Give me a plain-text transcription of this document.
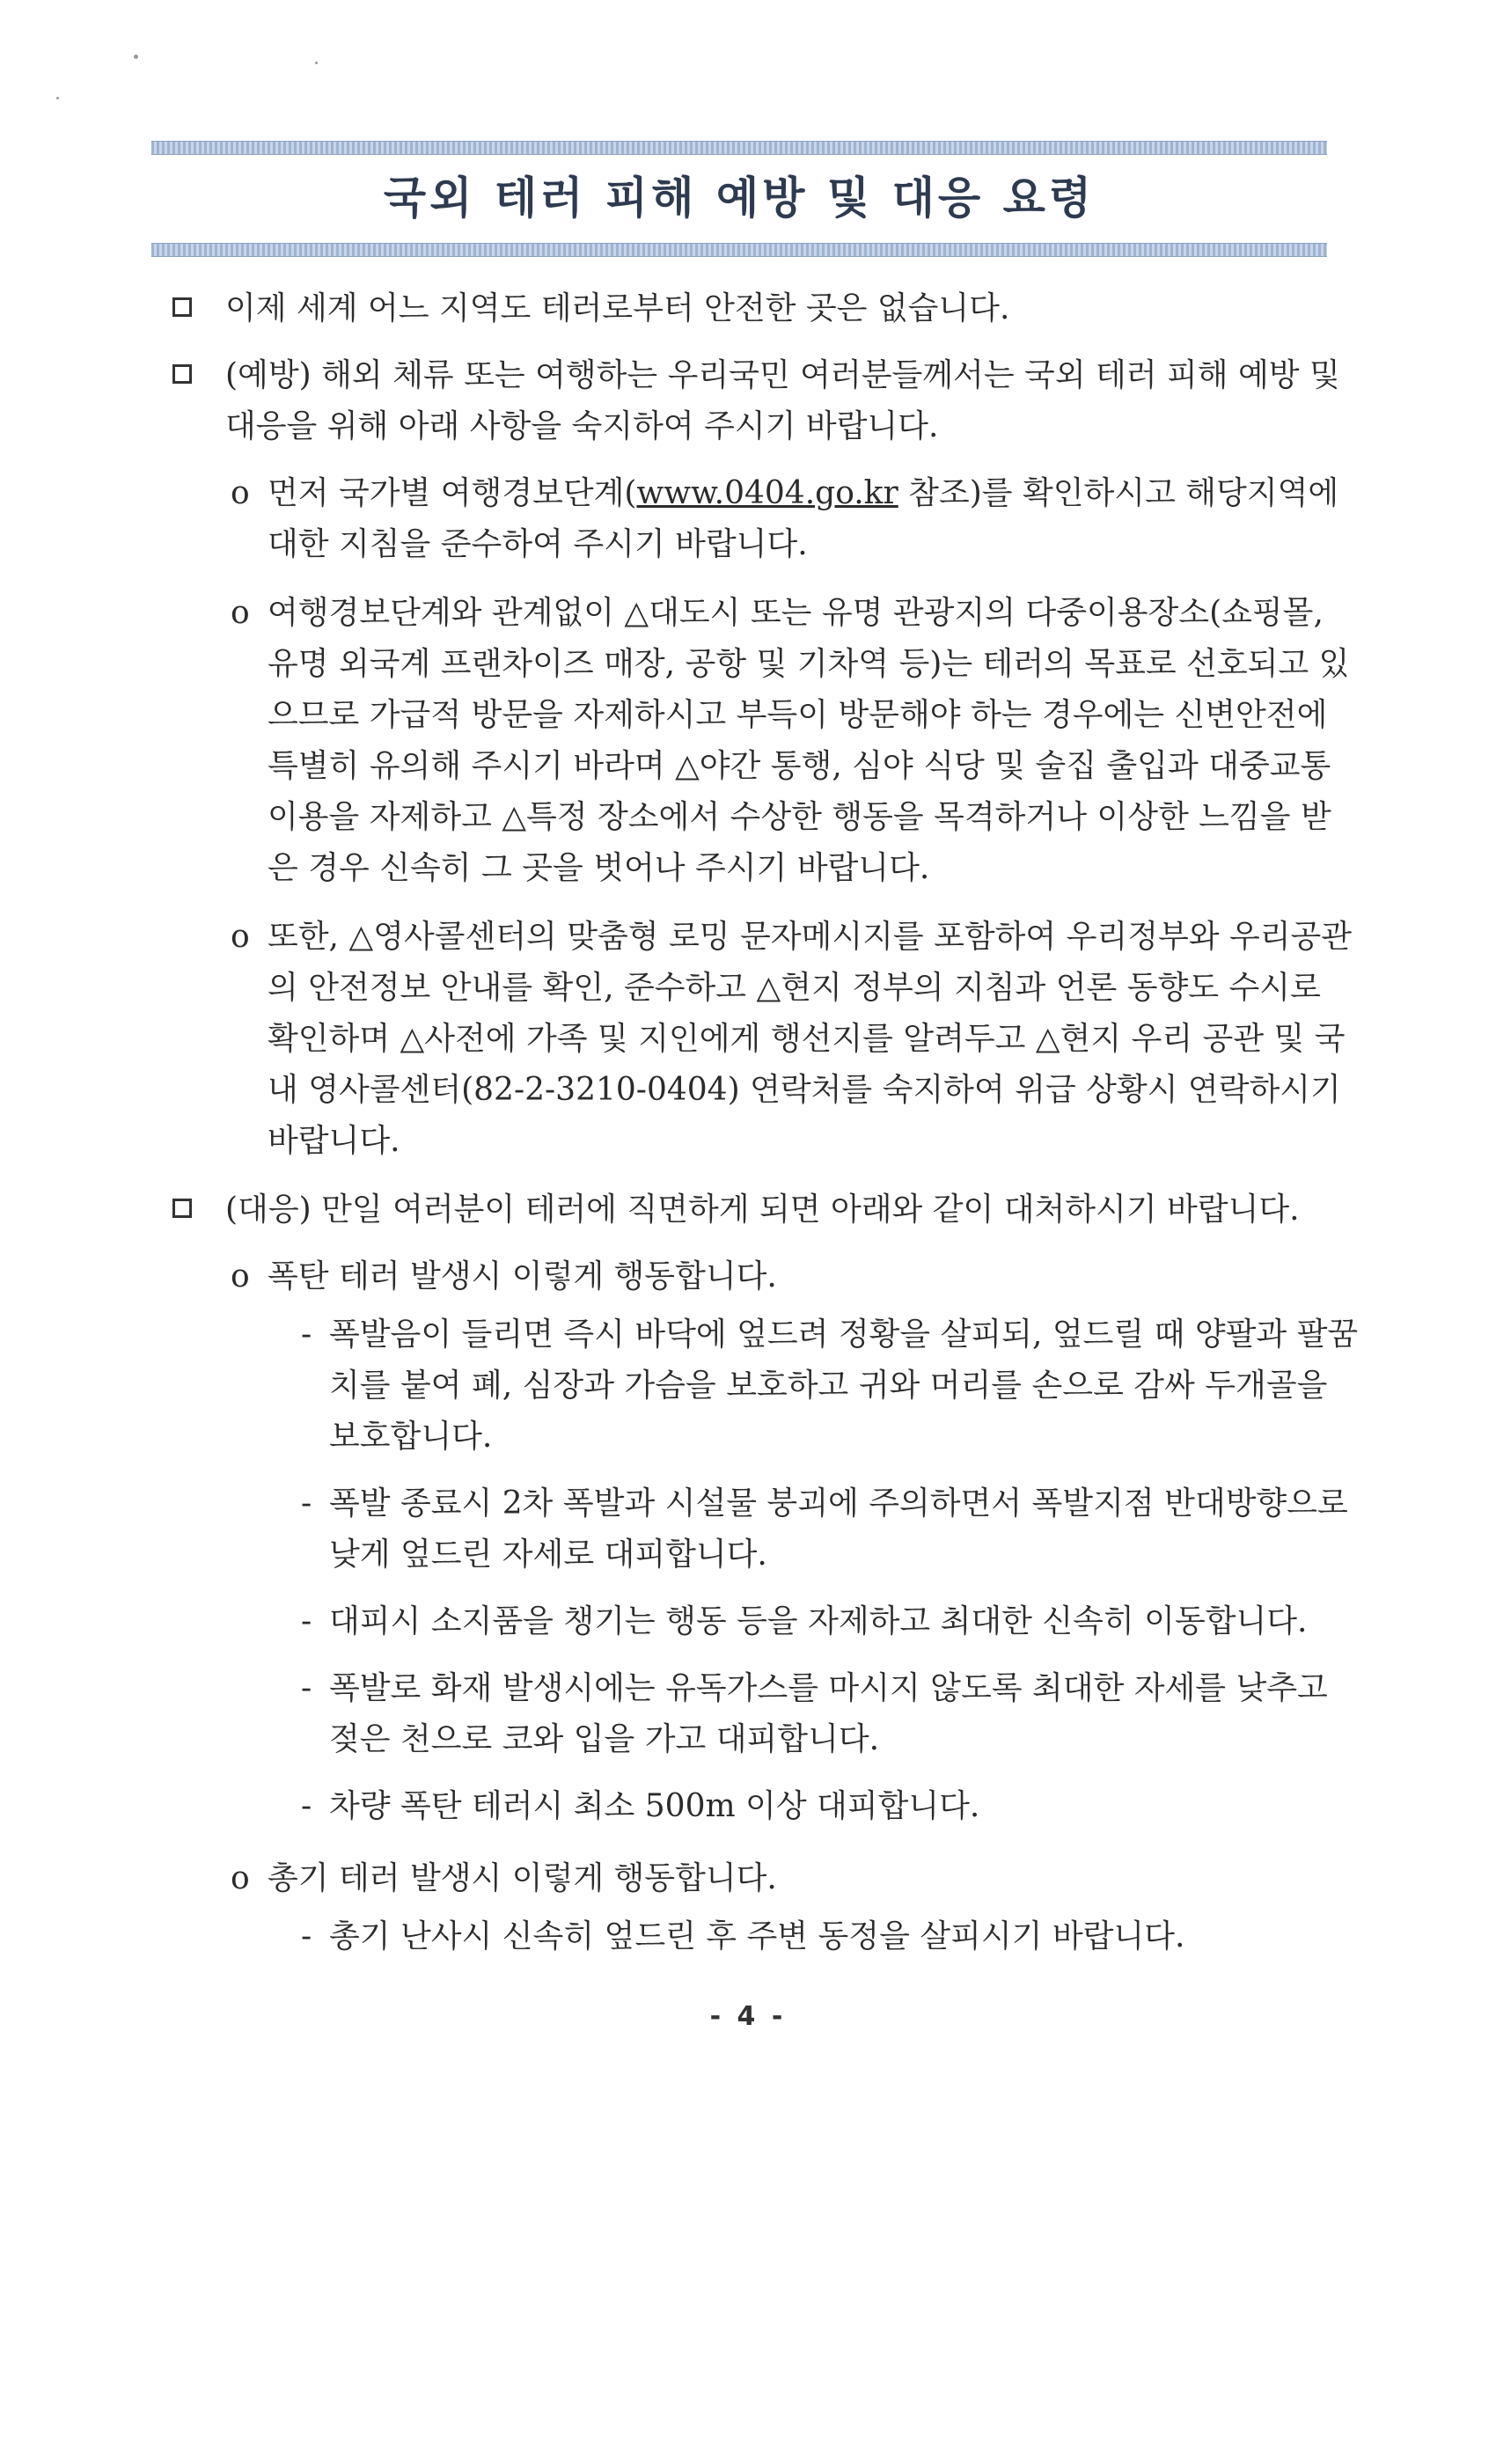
국외 테러 피해 예방 및 대응 요령
이제 세계 어느 지역도 테러로부터 안전한 곳은 없습니다.
(예방) 해외 체류 또는 여행하는 우리국민 여러분들께서는 국외 테러 피해 예방 및 대응을 위해 아래 사항을 숙지하여 주시기 바랍니다.
o 먼저 국가별 여행경보단계(www.0404.go.kr 참조)를 확인하시고 해당지역에 대한 지침을 준수하여 주시기 바랍니다.
o 여행경보단계와 관계없이 △대도시 또는 유명 관광지의 다중이용장소(쇼핑몰, 유명 외국계 프랜차이즈 매장, 공항 및 기차역 등)는 테러의 목표로 선호되고 있으므로 가급적 방문을 자제하시고 부득이 방문해야 하는 경우에는 신변안전에 특별히 유의해 주시기 바라며 △야간 통행, 심야 식당 및 술집 출입과 대중교통 이용을 자제하고 △특정 장소에서 수상한 행동을 목격하거나 이상한 느낌을 받은 경우 신속히 그 곳을 벗어나 주시기 바랍니다.
o 또한, △영사콜센터의 맞춤형 로밍 문자메시지를 포함하여 우리정부와 우리공관의 안전정보 안내를 확인, 준수하고 △현지 정부의 지침과 언론 동향도 수시로 확인하며 △사전에 가족 및 지인에게 행선지를 알려두고 △현지 우리 공관 및 국내 영사콜센터(82-2-3210-0404) 연락처를 숙지하여 위급 상황시 연락하시기 바랍니다.
(대응) 만일 여러분이 테러에 직면하게 되면 아래와 같이 대처하시기 바랍니다.
o 폭탄 테러 발생시 이렇게 행동합니다.
- 폭발음이 들리면 즉시 바닥에 엎드려 정황을 살피되, 엎드릴 때 양팔과 팔꿈치를 붙여 폐, 심장과 가슴을 보호하고 귀와 머리를 손으로 감싸 두개골을 보호합니다.
- 폭발 종료시 2차 폭발과 시설물 붕괴에 주의하면서 폭발지점 반대방향으로 낮게 엎드린 자세로 대피합니다.
- 대피시 소지품을 챙기는 행동 등을 자제하고 최대한 신속히 이동합니다.
- 폭발로 화재 발생시에는 유독가스를 마시지 않도록 최대한 자세를 낮추고 젖은 천으로 코와 입을 가고 대피합니다.
- 차량 폭탄 테러시 최소 500m 이상 대피합니다.
o 총기 테러 발생시 이렇게 행동합니다.
- 총기 난사시 신속히 엎드린 후 주변 동정을 살피시기 바랍니다.
- 4 -
